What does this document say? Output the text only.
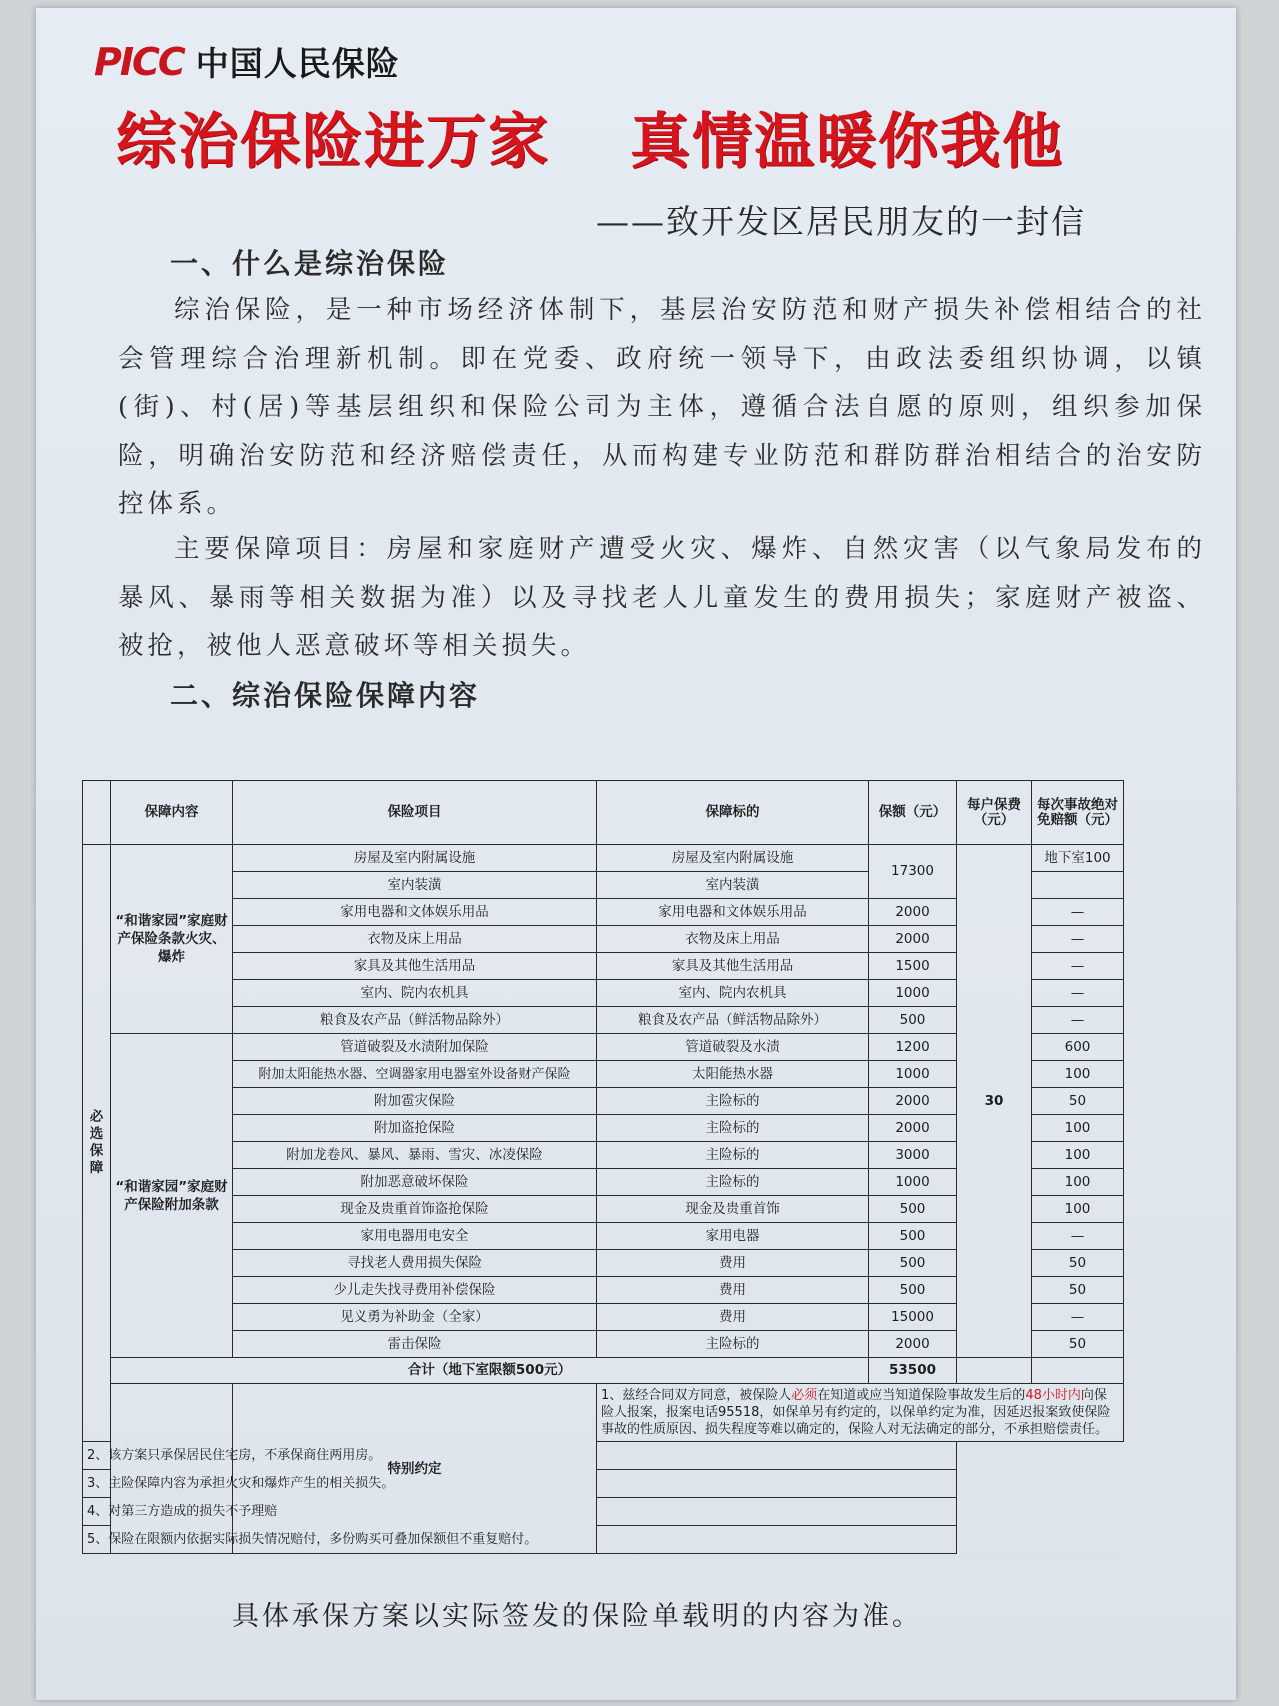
PICC 中国人民保险
综治保险进万家 真情温暖你我他
——致开发区居民朋友的一封信
一、什么是综治保险
综治保险，是一种市场经济体制下，基层治安防范和财产损失补偿相结合的社会管理综合治理新机制。即在党委、政府统一领导下，由政法委组织协调，以镇(街)、村(居)等基层组织和保险公司为主体，遵循合法自愿的原则，组织参加保险，明确治安防范和经济赔偿责任，从而构建专业防范和群防群治相结合的治安防控体系。
主要保障项目：房屋和家庭财产遭受火灾、爆炸、自然灾害（以气象局发布的暴风、暴雨等相关数据为准）以及寻找老人儿童发生的费用损失；家庭财产被盗、被抢，被他人恶意破坏等相关损失。
二、综治保险保障内容
	保障内容	保险项目	保障标的	保额（元）	每户保费（元）	每次事故绝对免赔额（元）

必选保障	“和谐家园”家庭财产保险条款火灾、爆炸	房屋及室内附属设施	房屋及室内附属设施	17300	30	地下室100
		室内装潢	室内装潢			
		家用电器和文体娱乐用品	家用电器和文体娱乐用品	2000		—
		衣物及床上用品	衣物及床上用品	2000		—
		家具及其他生活用品	家具及其他生活用品	1500		—
		室内、院内农机具	室内、院内农机具	1000		—
		粮食及农产品（鲜活物品除外）	粮食及农产品（鲜活物品除外）	500		—
	“和谐家园”家庭财产保险附加条款	管道破裂及水渍附加保险	管道破裂及水渍	1200		600
		附加太阳能热水器、空调器家用电器室外设备财产保险	太阳能热水器	1000		100
		附加雹灾保险	主险标的	2000		50
		附加盗抢保险	主险标的	2000		100
		附加龙卷风、暴风、暴雨、雪灾、冰凌保险	主险标的	3000		100
		附加恶意破坏保险	主险标的	1000		100
		现金及贵重首饰盗抢保险	现金及贵重首饰	500		100
		家用电器用电安全	家用电器	500		—
		寻找老人费用损失保险	费用	500		50
		少儿走失找寻费用补偿保险	费用	500		50
		见义勇为补助金（全家）	费用	15000		—
		雷击保险	主险标的	2000		50
	合计（地下室限额500元）			53500		
		特别约定	1、兹经合同双方同意，被保险人必须在知道或应当知道保险事故发生后的48小时内向保险人报案，报案电话95518，如保单另有约定的，以保单约定为准，因延迟报案致使保险事故的性质原因、损失程度等难以确定的，保险人对无法确定的部分，不承担赔偿责任。			
2、该方案只承保居民住宅房，不承保商住两用房。						
3、主险保障内容为承担火灾和爆炸产生的相关损失。						
4、对第三方造成的损失不予理赔						
5、保险在限额内依据实际损失情况赔付，多份购买可叠加保额但不重复赔付。						
具体承保方案以实际签发的保险单载明的内容为准。
